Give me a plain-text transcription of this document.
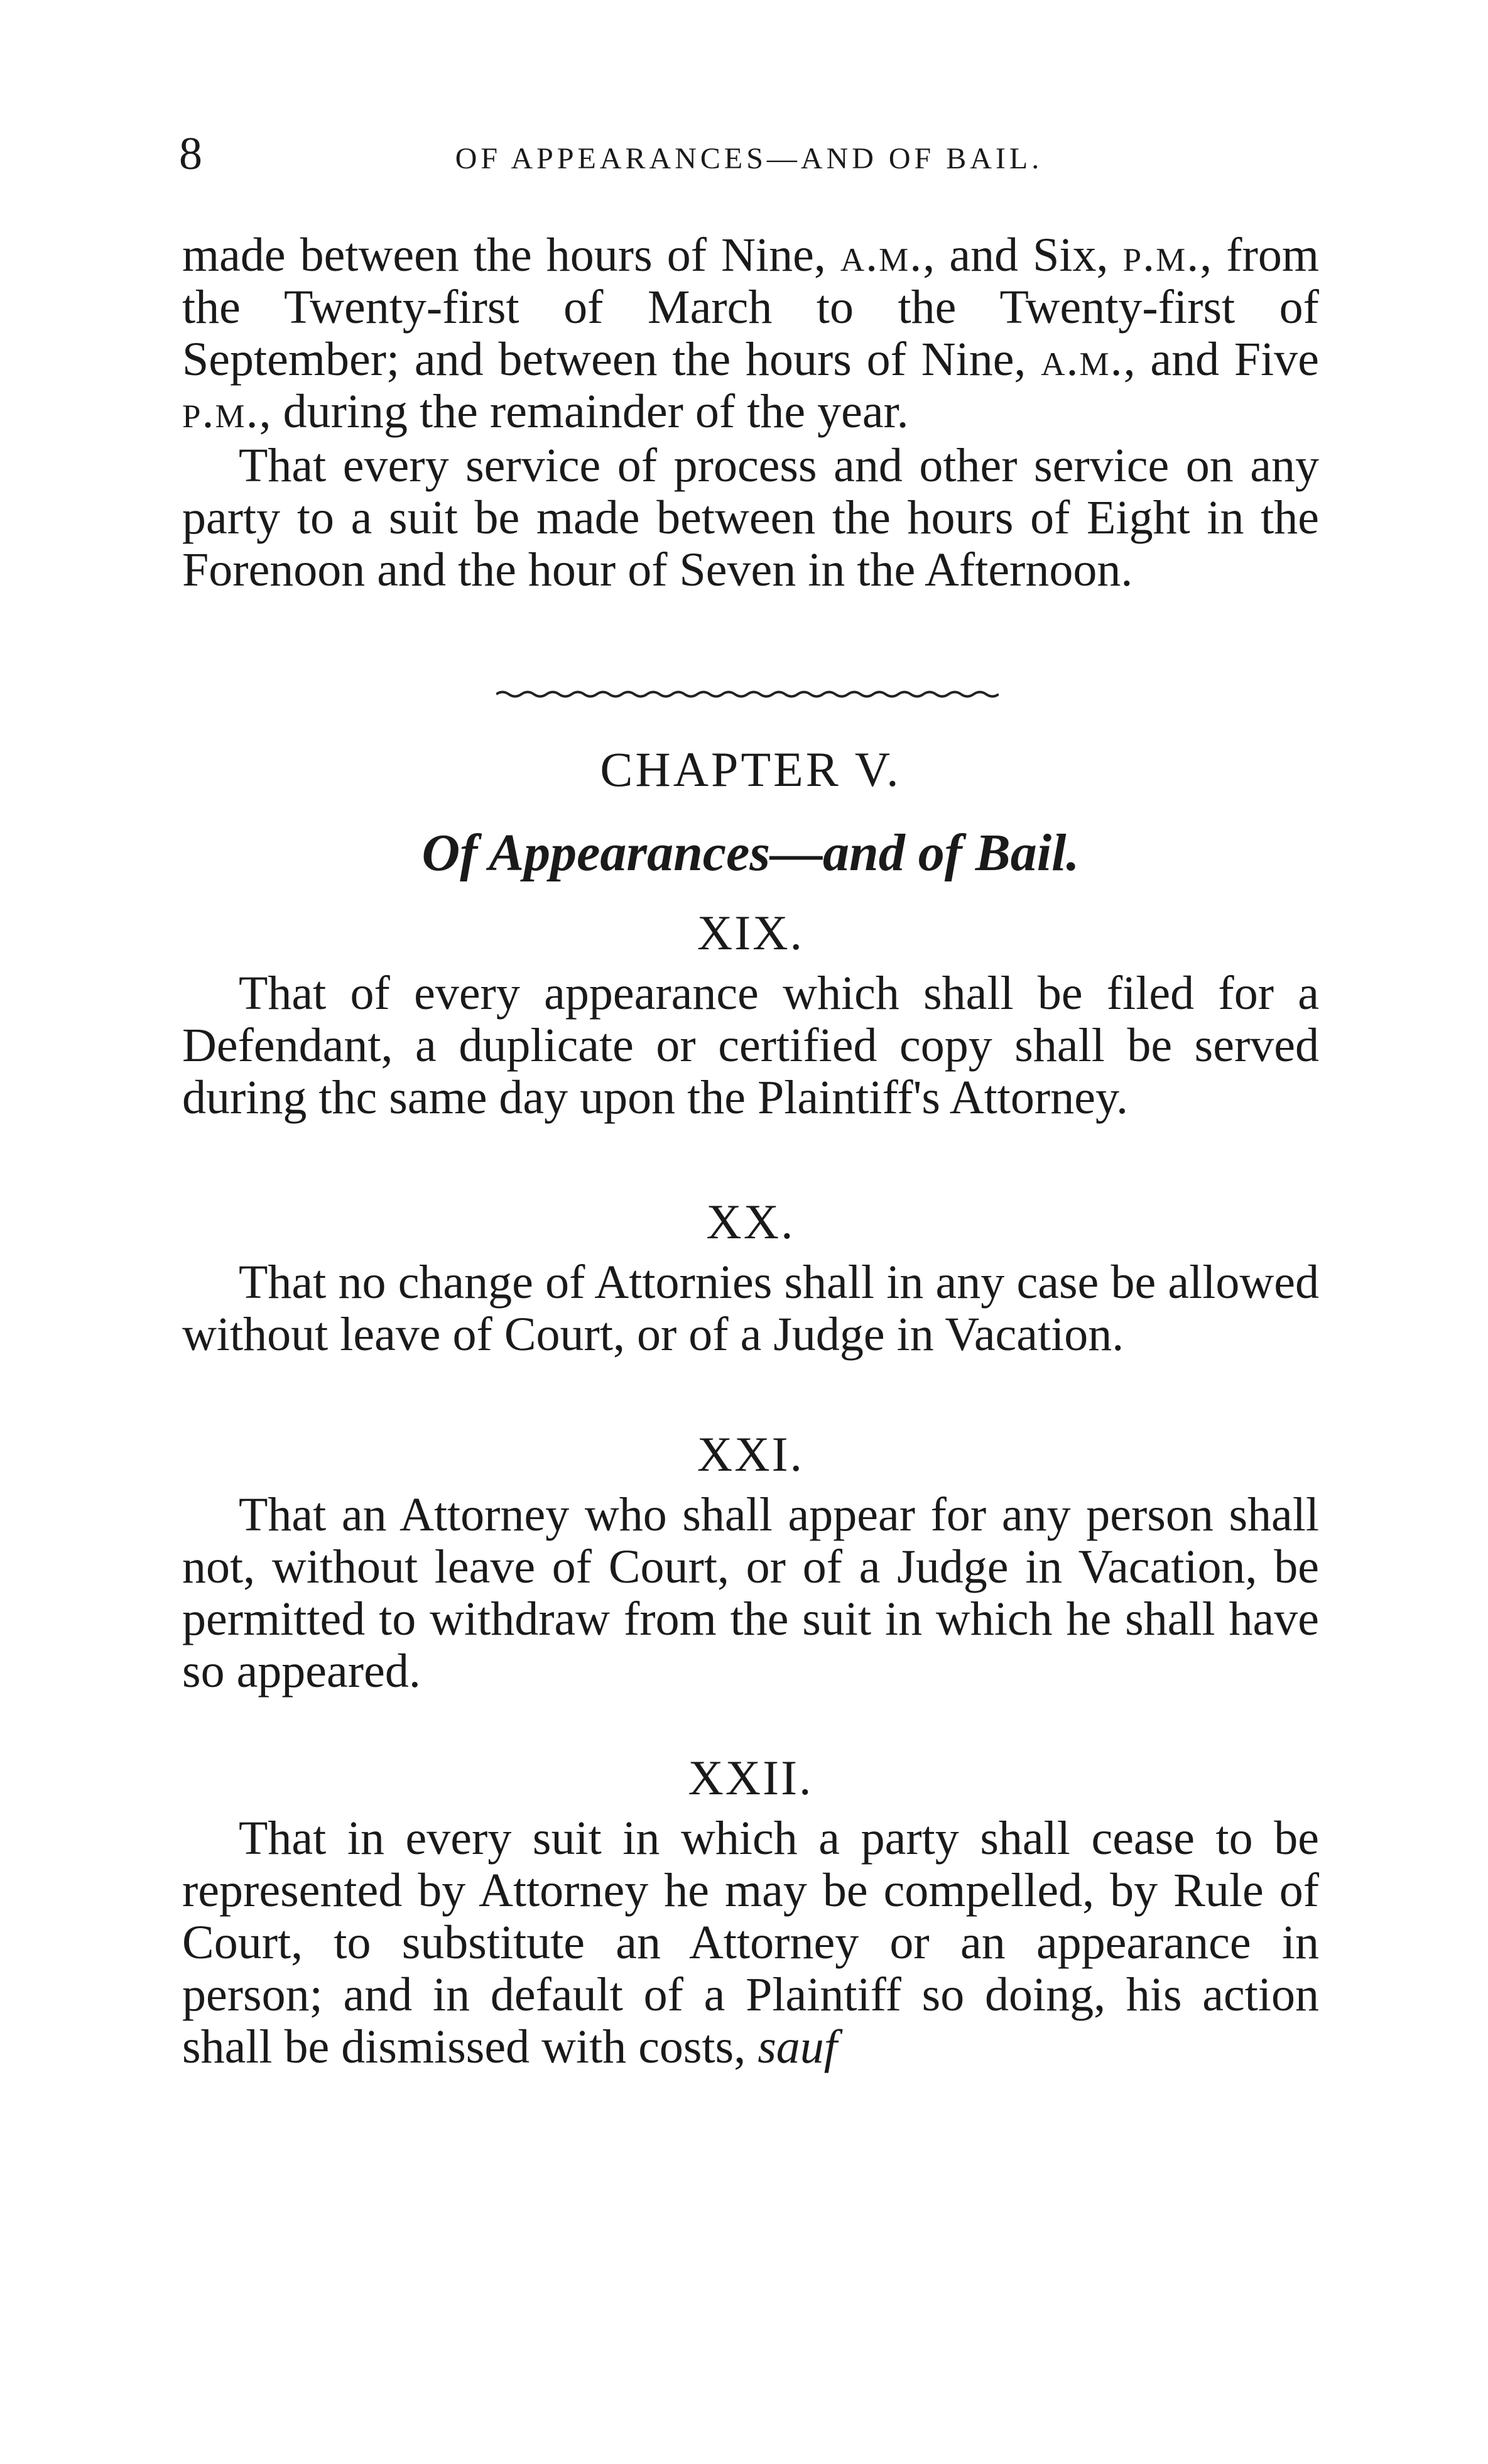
8	OF APPEARANCES—AND OF BAIL.

made between the hours of Nine, a.m., and Six, p.m., from the Twenty-first of March to the Twenty-first of September; and between the hours of Nine, a.m., and Five p.m., during the remainder of the year.

That every service of process and other service on any party to a suit be made between the hours of Eight in the Forenoon and the hour of Seven in the Afternoon.

CHAPTER V.

Of Appearances—and of Bail.

XIX.

That of every appearance which shall be filed for a Defendant, a duplicate or certified copy shall be served during thc same day upon the Plaintiff's Attorney.

XX.

That no change of Attornies shall in any case be allowed without leave of Court, or of a Judge in Vacation.

XXI.

That an Attorney who shall appear for any person shall not, without leave of Court, or of a Judge in Vacation, be permitted to withdraw from the suit in which he shall have so appeared.

XXII.

That in every suit in which a party shall cease to be represented by Attorney he may be compelled, by Rule of Court, to substitute an Attorney or an appearance in person; and in default of a Plaintiff so doing, his action shall be dismissed with costs, sauf
